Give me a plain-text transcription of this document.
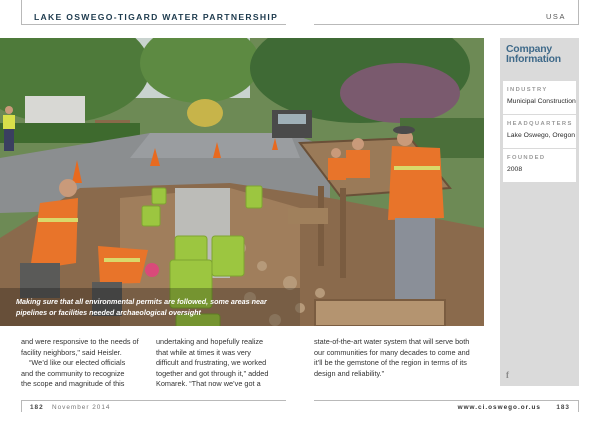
LAKE OSWEGO-TIGARD WATER PARTNERSHIP	USA
Making sure that all environmental permits are followed, some areas near
pipelines or facilities needed archaeological oversight
Company
Information
INDUSTRY
Municipal Construction
HEADQUARTERS
Lake Oswego, Oregon
FOUNDED
2008
f

and were responsive to the needs of

facility neighbors," said Heisler.

“We’d like our elected officials

and the community to recognize

the scope and magnitude of this

undertaking and hopefully realize

that while at times it was very

difficult and frustrating, we worked

together and got through it,” added

Komarek. “That now we’ve got a

state-of-the-art water system that will serve both

our communities for many decades to come and

it’ll be the gemstone of the region in terms of its

design and reliability.”

182 November 2014	www.ci.oswego.or.us 183
